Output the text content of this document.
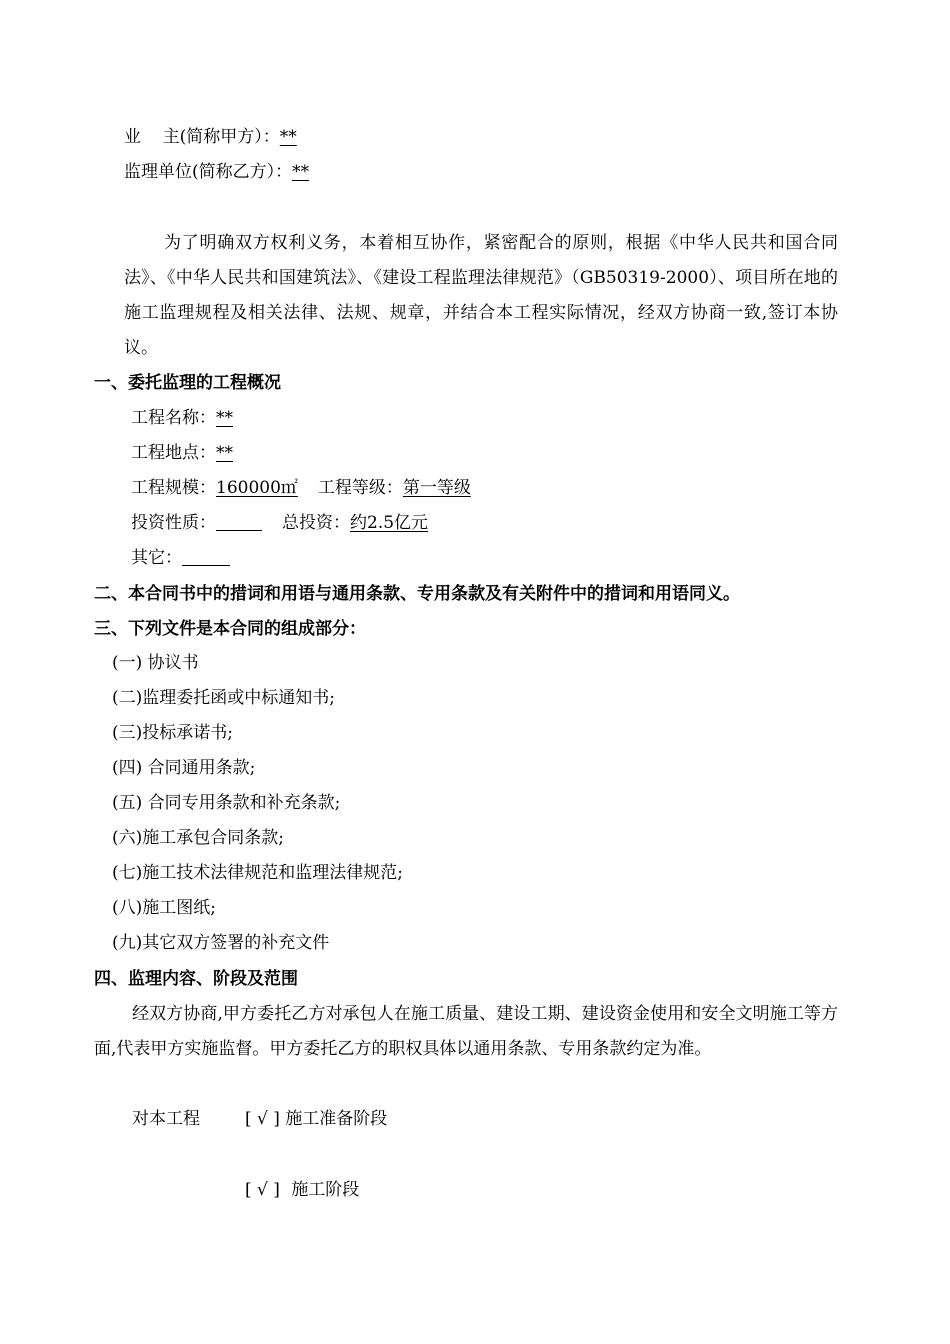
业    主(简称甲方）：**
监理单位(简称乙方）：**
为了明确双方权利义务，本着相互协作，紧密配合的原则，根据《中华人民共和国合同法》、《中华人民共和国建筑法》、《建设工程监理法律规范》（GB50319-2000）、项目所在地的施工监理规程及相关法律、法规、规章，并结合本工程实际情况，经双方协商一致,签订本协议。
一、委托监理的工程概况
工程名称：**
工程地点：**
工程规模：160000㎡ 工程等级：第一等级
投资性质：	总投资：约2.5亿元
其它：
二、本合同书中的措词和用语与通用条款、专用条款及有关附件中的措词和用语同义。
三、下列文件是本合同的组成部分：
(一) 协议书
(二)监理委托函或中标通知书;
(三)投标承诺书;
(四) 合同通用条款;
(五) 合同专用条款和补充条款;
(六)施工承包合同条款;
(七)施工技术法律规范和监理法律规范;
(八)施工图纸;
(九)其它双方签署的补充文件
四、监理内容、阶段及范围
经双方协商,甲方委托乙方对承包人在施工质量、建设工期、建设资金使用和安全文明施工等方面,代表甲方实施监督。甲方委托乙方的职权具体以通用条款、专用条款约定为准。
对本工程	[ √ ] 施工准备阶段
[ √ ] 施工阶段
